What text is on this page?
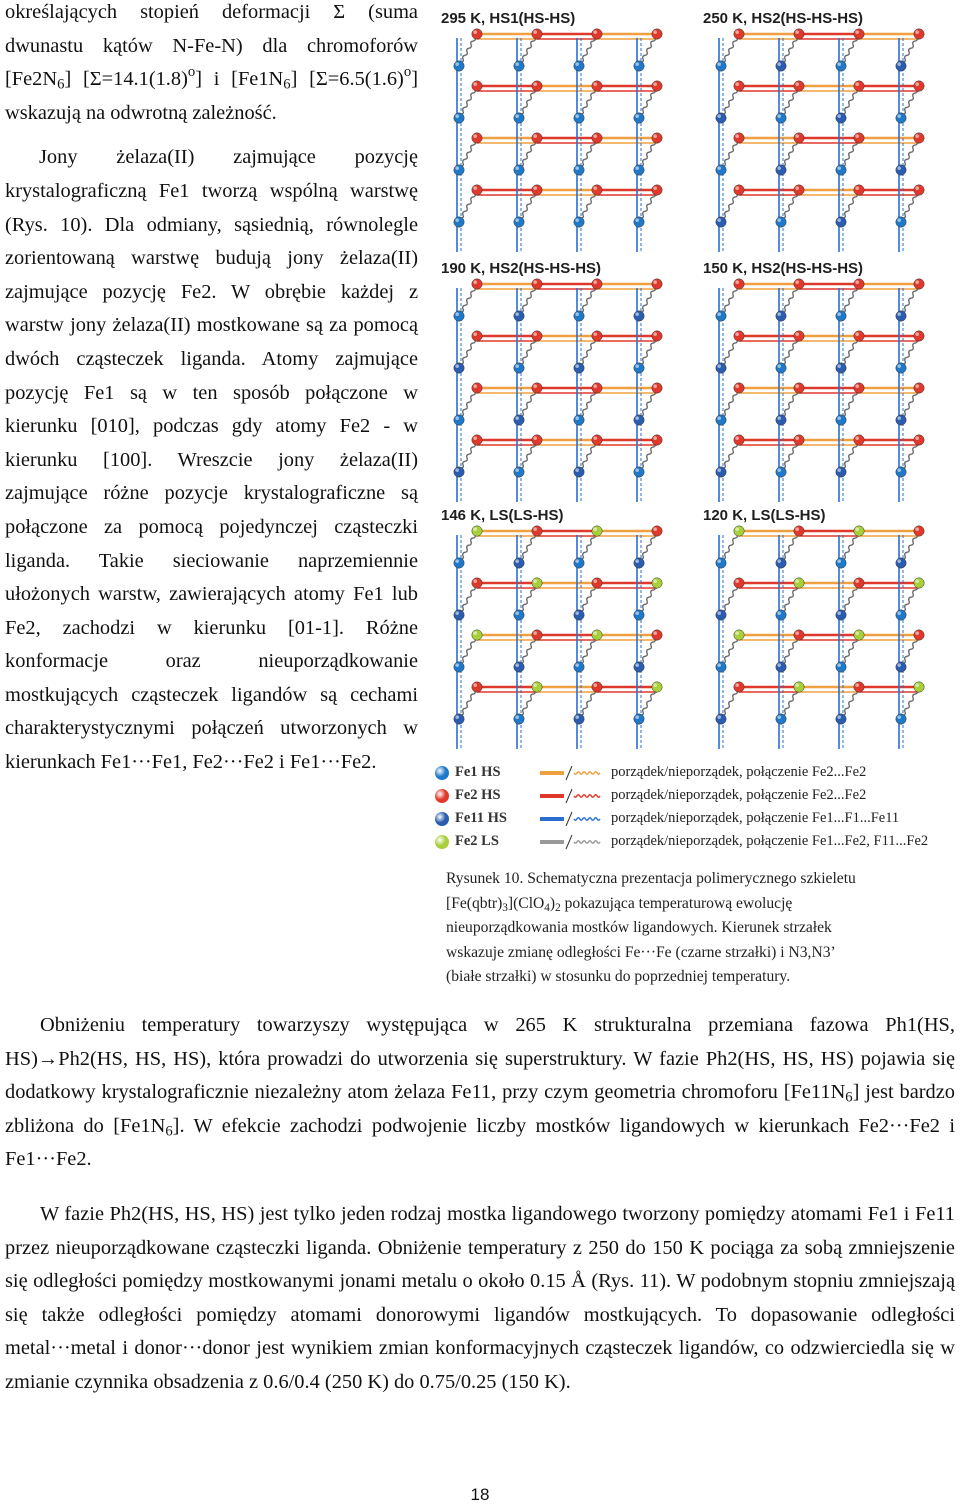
określających stopień deformacji Σ (suma dwunastu kątów N-Fe-N) dla chromoforów $[Fe2N_6]$ $[\Sigma=14.1(1.8)^o]$ i $[Fe1N_6]$ $[\Sigma=6.5(1.6)^o]$ wskazują na odwrotną zależność.

Jony żelaza(II) zajmujące pozycję krystalograficzną Fe1 tworzą wspólną warstwę (Rys. 10). Dla odmiany, sąsiednią, równolegle zorientowaną warstwę budują jony żelaza(II) zajmujące pozycję Fe2. W obrębie każdej z warstw jony żelaza(II) mostkowane są za pomocą dwóch cząsteczek liganda. Atomy zajmujące pozycję Fe1 są w ten sposób połączone w kierunku [010], podczas gdy atomy Fe2 - w kierunku [100]. Wreszcie jony żelaza(II) zajmujące różne pozycje krystalograficzne są połączone za pomocą pojedynczej cząsteczki liganda. Takie sieciowanie naprzemiennie ułożonych warstw, zawierających atomy Fe1 lub Fe2, zachodzi w kierunku [01-1]. Różne konformacje oraz nieuporządkowanie mostkujących cząsteczek ligandów są cechami charakterystycznymi połączeń utworzonych w kierunkach Fe1···Fe1, Fe2···Fe2 i Fe1···Fe2.

295 K, HS1(HS-HS)	250 K, HS2(HS-HS-HS)
190 K, HS2(HS-HS-HS)	150 K, HS2(HS-HS-HS)
146 K, LS(LS-HS)	120 K, LS(LS-HS)
Fe1 HS	porządek/nieporządek, połączenie Fe2...Fe2
Fe2 HS	porządek/nieporządek, połączenie Fe2...Fe2
Fe11 HS	porządek/nieporządek, połączenie Fe1...F1...Fe11
Fe2 LS	porządek/nieporządek, połączenie Fe1...Fe2, F11...Fe2

Rysunek 10. Schematyczna prezentacja polimerycznego szkieletu

$[Fe(qbtr)_3](ClO_4)_2$ pokazująca temperaturową ewolucję

nieuporządkowania mostków ligandowych. Kierunek strzałek

wskazuje zmianę odległości Fe···Fe (czarne strzałki) i N3,N3’

(białe strzałki) w stosunku do poprzedniej temperatury.

Obniżeniu temperatury towarzyszy występująca w 265 K strukturalna przemiana fazowa Ph1(HS, HS)→Ph2(HS, HS, HS), która prowadzi do utworzenia się superstruktury. W fazie Ph2(HS, HS, HS) pojawia się dodatkowy krystalograficznie niezależny atom żelaza Fe11, przy czym geometria chromoforu $[Fe11N_6]$ jest bardzo zbliżona do $[Fe1N_6]$. W efekcie zachodzi podwojenie liczby mostków ligandowych w kierunkach Fe2···Fe2 i Fe1···Fe2.

W fazie Ph2(HS, HS, HS) jest tylko jeden rodzaj mostka ligandowego tworzony pomiędzy atomami Fe1 i Fe11 przez nieuporządkowane cząsteczki liganda. Obniżenie temperatury z 250 do 150 K pociąga za sobą zmniejszenie się odległości pomiędzy mostkowanymi jonami metalu o około 0.15 Å (Rys. 11). W podobnym stopniu zmniejszają się także odległości pomiędzy atomami donorowymi ligandów mostkujących. To dopasowanie odległości metal···metal i donor···donor jest wynikiem zmian konformacyjnych cząsteczek ligandów, co odzwierciedla się w zmianie czynnika obsadzenia z 0.6/0.4 (250 K) do 0.75/0.25 (150 K).

18
